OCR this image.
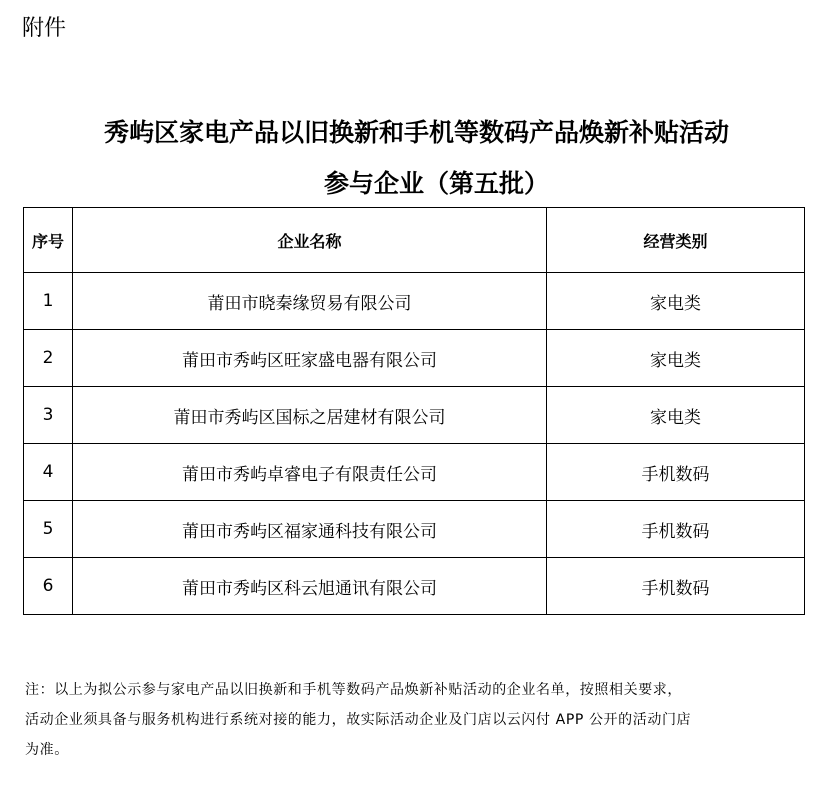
附件
秀屿区家电产品以旧换新和手机等数码产品焕新补贴活动
参与企业（第五批）
序号	企业名称	经营类别
1	莆田市晓秦缘贸易有限公司	家电类
2	莆田市秀屿区旺家盛电器有限公司	家电类
3	莆田市秀屿区国标之居建材有限公司	家电类
4	莆田市秀屿卓睿电子有限责任公司	手机数码
5	莆田市秀屿区福家通科技有限公司	手机数码
6	莆田市秀屿区科云旭通讯有限公司	手机数码

注：以上为拟公示参与家电产品以旧换新和手机等数码产品焕新补贴活动的企业名单，按照相关要求，

活动企业须具备与服务机构进行系统对接的能力，故实际活动企业及门店以云闪付 APP 公开的活动门店

为准。
